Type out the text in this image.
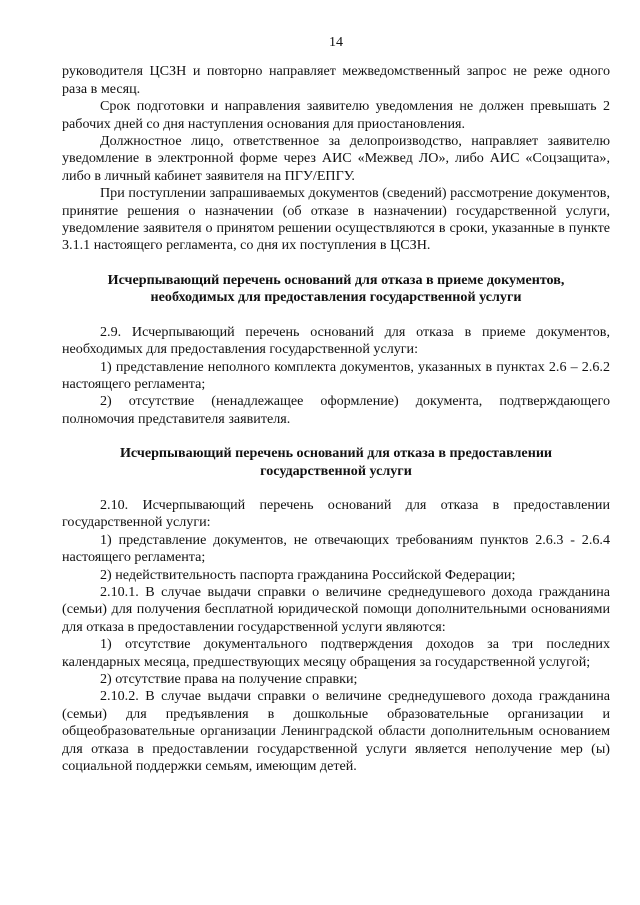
14

руководителя ЦСЗН и повторно направляет межведомственный запрос не реже одного раза в месяц.

Срок подготовки и направления заявителю уведомления не должен превышать 2 рабочих дней со дня наступления основания для приостановления.

Должностное лицо, ответственное за делопроизводство, направляет заявителю уведомление в электронной форме через АИС «Межвед ЛО», либо АИС «Соцзащита», либо в личный кабинет заявителя на ПГУ/ЕПГУ.

При поступлении запрашиваемых документов (сведений) рассмотрение документов, принятие решения о назначении (об отказе в назначении) государственной услуги, уведомление заявителя о принятом решении осуществляются в сроки, указанные в пункте 3.1.1 настоящего регламента, со дня их поступления в ЦСЗН.

Исчерпывающий перечень оснований для отказа в приеме документов,
необходимых для предоставления государственной услуги

2.9. Исчерпывающий перечень оснований для отказа в приеме документов, необходимых для предоставления государственной услуги:

1) представление неполного комплекта документов, указанных в пунктах 2.6 – 2.6.2 настоящего регламента;

2) отсутствие (ненадлежащее оформление) документа, подтверждающего полномочия представителя заявителя.

Исчерпывающий перечень оснований для отказа в предоставлении
государственной услуги

2.10. Исчерпывающий перечень оснований для отказа в предоставлении государственной услуги:

1) представление документов, не отвечающих требованиям пунктов 2.6.3 - 2.6.4 настоящего регламента;

2) недействительность паспорта гражданина Российской Федерации;

2.10.1. В случае выдачи справки о величине среднедушевого дохода гражданина (семьи) для получения бесплатной юридической помощи дополнительными основаниями для отказа в предоставлении государственной услуги являются:

1) отсутствие документального подтверждения доходов за три последних календарных месяца, предшествующих месяцу обращения за государственной услугой;

2) отсутствие права на получение справки;

2.10.2. В случае выдачи справки о величине среднедушевого дохода гражданина (семьи) для предъявления в дошкольные образовательные организации и общеобразовательные организации Ленинградской области дополнительным основанием для отказа в предоставлении государственной услуги является неполучение мер (ы) социальной поддержки семьям, имеющим детей.
